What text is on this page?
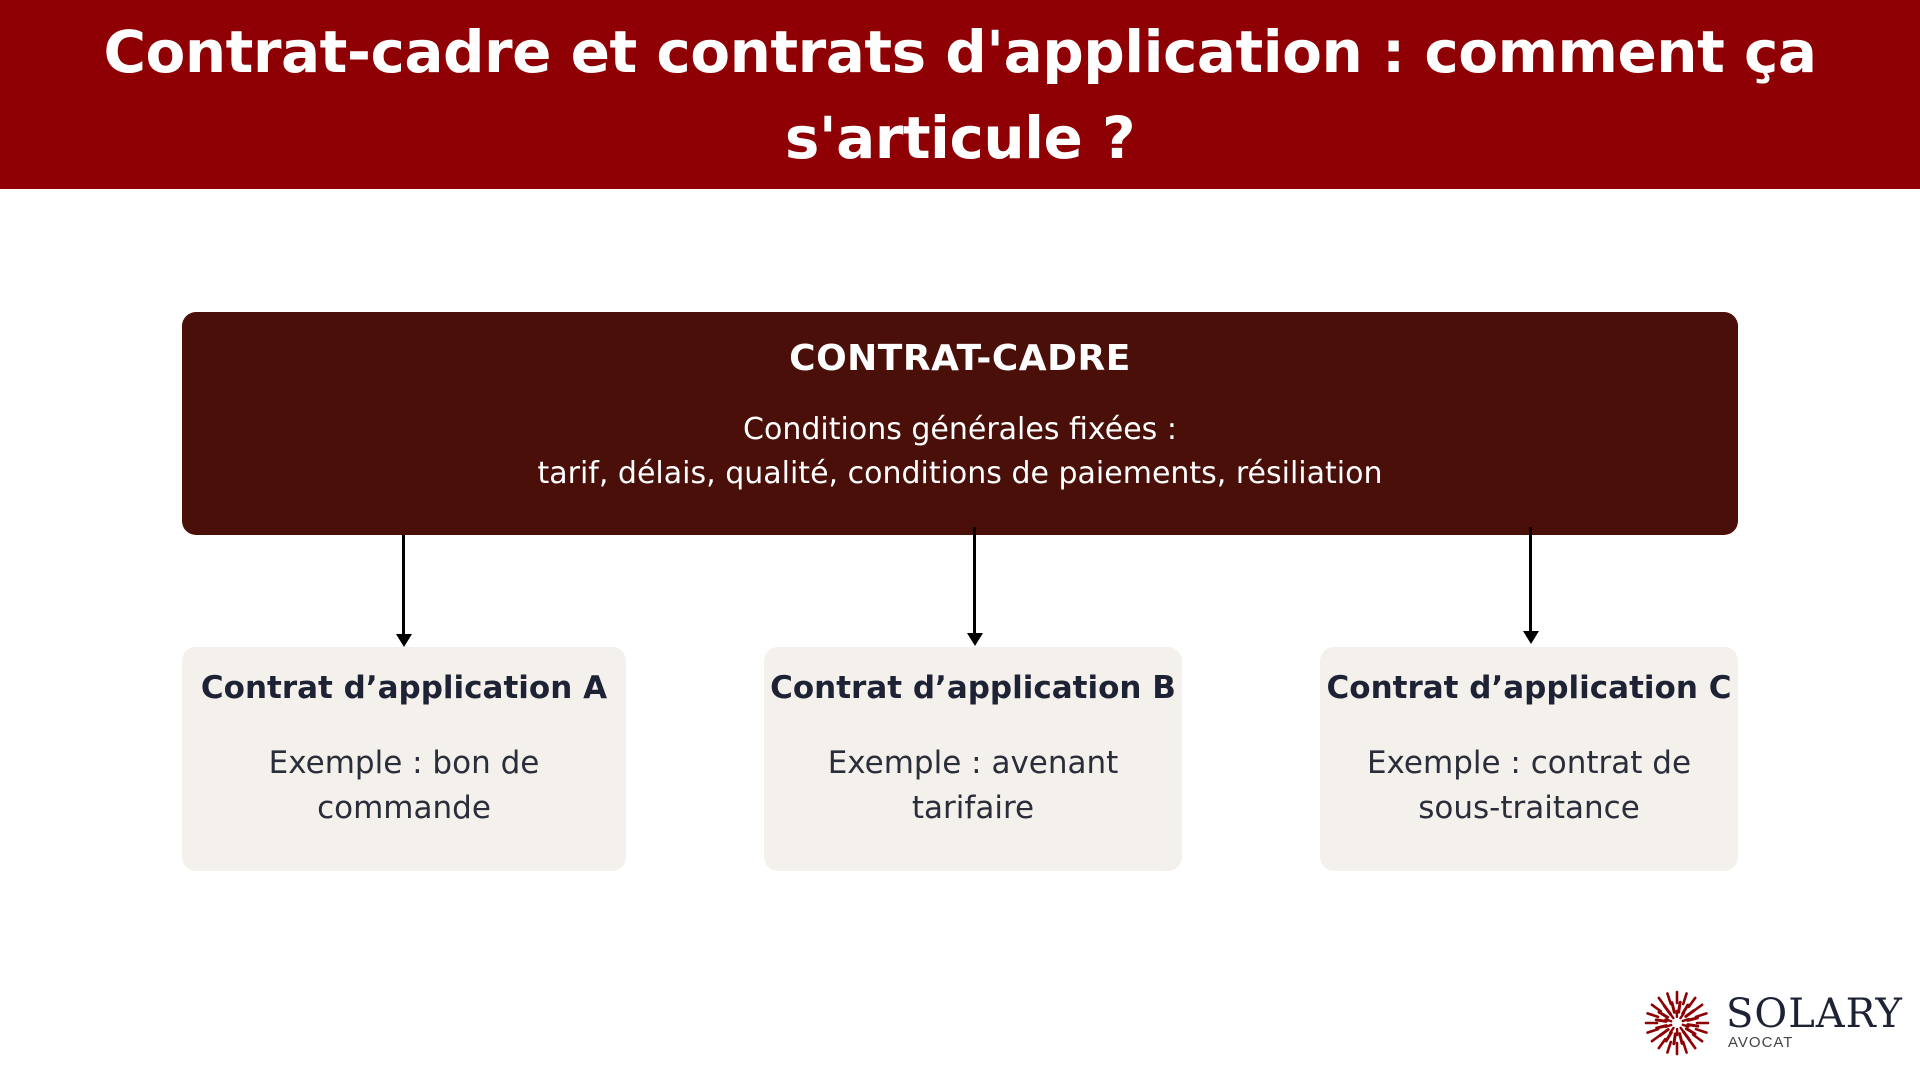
Contrat-cadre et contrats d'application : comment ça
s'articule ?
CONTRAT-CADRE
Conditions générales fixées :
tarif, délais, qualité, conditions de paiements, résiliation
Contrat d’application A
Exemple : bon de
commande
Contrat d’application B
Exemple : avenant
tarifaire
Contrat d’application C
Exemple : contrat de
sous-traitance
SOLARY
AVOCAT
